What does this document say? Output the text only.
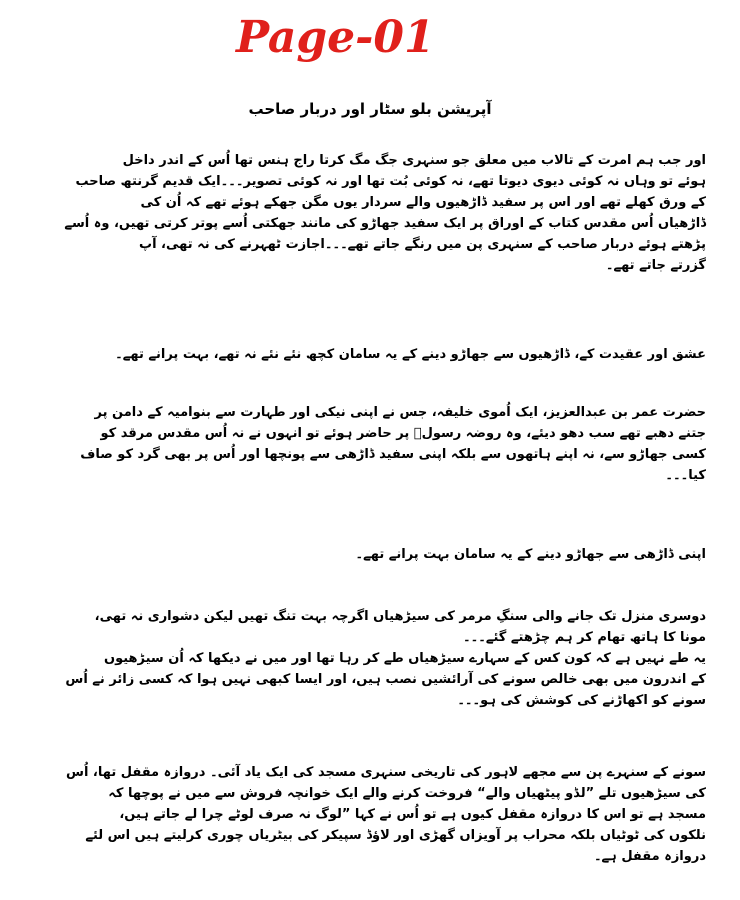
Page-01
آپریشن بلو سٹار اور دربار صاحب

اور جب ہم امرت کے تالاب میں معلق جو سنہری جگ مگ کرتا راج ہنس تھا اُس کے اندر داخل
ہوئے تو وہاں نہ کوئی دیوی دیوتا تھے، نہ کوئی بُت تھا اور نہ کوئی تصویر۔۔۔ایک قدیم گرنتھ صاحب
کے ورق کھلے تھے اور اس پر سفید ڈاڑھیوں والے سردار یوں مگن جھکے ہوئے تھے کہ اُن کی
ڈاڑھیاں اُس مقدس کتاب کے اوراق پر ایک سفید جھاڑو کی مانند جھکتی اُسے پوتر کرتی تھیں، وہ اُسے
پڑھتے ہوئے دربار صاحب کے سنہری پن میں رنگے جاتے تھے۔۔۔اجازت ٹھہرنے کی نہ تھی، آپ
گزرتے جاتے تھے۔

عشق اور عقیدت کے، ڈاڑھیوں سے جھاڑو دینے کے یہ سامان کچھ نئے نئے نہ تھے، بہت پرانے تھے۔

حضرت عمر بن عبدالعزیز، ایک اُموی خلیفہ، جس نے اپنی نیکی اور طہارت سے بنوامیہ کے دامن پر
جتنے دھبے تھے سب دھو دیئے، وہ روضہ رسولؐ پر حاضر ہوئے تو انہوں نے نہ اُس مقدس مرقد کو
کسی جھاڑو سے، نہ اپنے ہاتھوں سے بلکہ اپنی سفید ڈاڑھی سے پونچھا اور اُس پر بھی گرد کو صاف
کیا۔۔۔

اپنی ڈاڑھی سے جھاڑو دینے کے یہ سامان بہت پرانے تھے۔

دوسری منزل تک جانے والی سنگِ مرمر کی سیڑھیاں اگرچہ بہت تنگ تھیں لیکن دشواری نہ تھی،
مونا کا ہاتھ تھام کر ہم چڑھتے گئے۔۔۔
یہ طے نہیں ہے کہ کون کس کے سہارے سیڑھیاں طے کر رہا تھا اور میں نے دیکھا کہ اُن سیڑھیوں
کے اندرون میں بھی خالص سونے کی آرائشیں نصب ہیں، اور ایسا کبھی نہیں ہوا کہ کسی زائر نے اُس
سونے کو اکھاڑنے کی کوشش کی ہو۔۔۔

سونے کے سنہرے پن سے مجھے لاہور کی تاریخی سنہری مسجد کی ایک یاد آئی۔ دروازہ مقفل تھا، اُس
کی سیڑھیوں تلے ”لڈو پیٹھیاں والے“ فروخت کرنے والے ایک خوانچہ فروش سے میں نے پوچھا کہ
مسجد ہے تو اس کا دروازہ مقفل کیوں ہے تو اُس نے کہا ”لوگ نہ صرف لوٹے چرا لے جاتے ہیں،
نلکوں کی ٹوٹیاں بلکہ محراب پر آویزاں گھڑی اور لاؤڈ سپیکر کی بیٹریاں چوری کرلیتے ہیں اس لئے
دروازہ مقفل ہے۔
